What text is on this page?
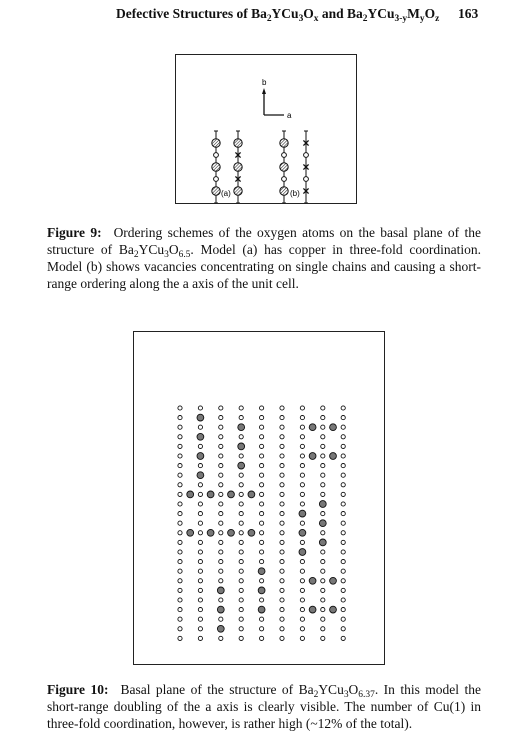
Defective Structures of $Ba_2YCu_3O_x$ and $Ba_2YCu_{3-y}M_yO_z$ 163
b
a
(a)	(b)
Figure 9: Ordering schemes of the oxygen atoms on the basal plane of the structure of $Ba_2YCu_3O_{6.5}$. Model (a) has copper in three-fold coordination. Model (b) shows vacancies concentrating on single chains and causing a short-range ordering along the a axis of the unit cell.
Figure 10: Basal plane of the structure of $Ba_2YCu_3O_{6.37}$. In this model the short-range doubling of the a axis is clearly visible. The number of Cu(1) in three-fold coordination, however, is rather high (~12% of the total).
